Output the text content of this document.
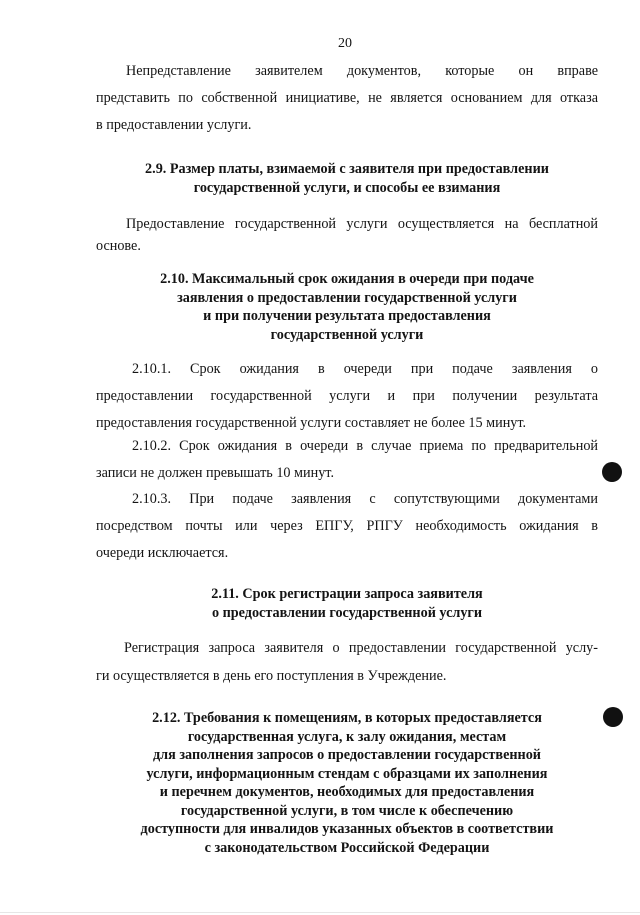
20
Непредставление заявителем документов, которые он вправе
представить по собственной инициативе, не является основанием для отказа
в предоставлении услуги.
2.9. Размер платы, взимаемой с заявителя при предоставлении
государственной услуги, и способы ее взимания
Предоставление государственной услуги осуществляется на бесплатной
основе.
2.10. Максимальный срок ожидания в очереди при подаче
заявления о предоставлении государственной услуги
и при получении результата предоставления
государственной услуги
2.10.1. Срок ожидания в очереди при подаче заявления о
предоставлении государственной услуги и при получении результата
предоставления государственной услуги составляет не более 15 минут.
2.10.2. Срок ожидания в очереди в случае приема по предварительной
записи не должен превышать 10 минут.
2.10.3. При подаче заявления с сопутствующими документами
посредством почты или через ЕПГУ, РПГУ необходимость ожидания в
очереди исключается.
2.11. Срок регистрации запроса заявителя
о предоставлении государственной услуги
Регистрация запроса заявителя о предоставлении государственной услу-
ги осуществляется в день его поступления в Учреждение.
2.12. Требования к помещениям, в которых предоставляется
государственная услуга, к залу ожидания, местам
для заполнения запросов о предоставлении государственной
услуги, информационным стендам с образцами их заполнения
и перечнем документов, необходимых для предоставления
государственной услуги, в том числе к обеспечению
доступности для инвалидов указанных объектов в соответствии
с законодательством Российской Федерации
